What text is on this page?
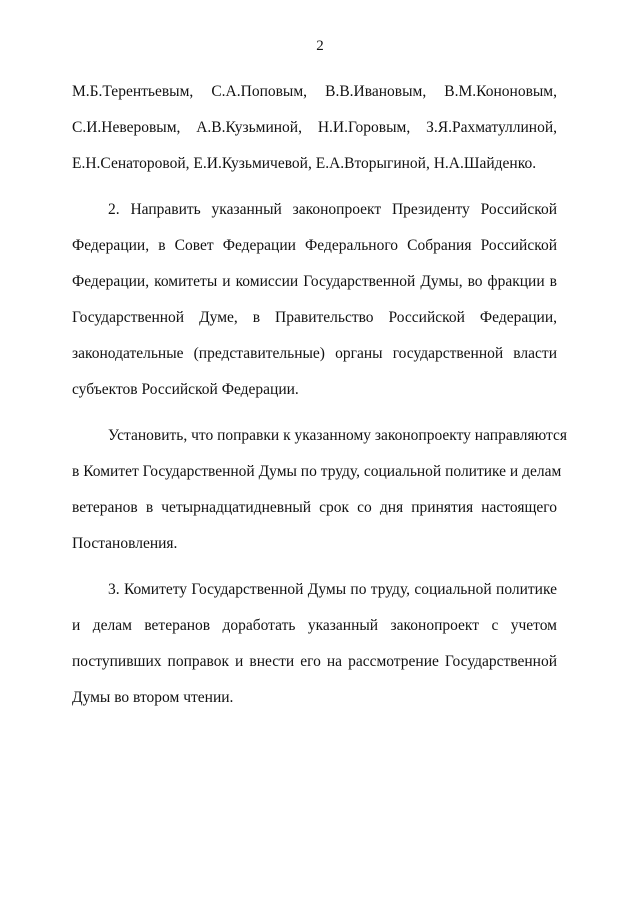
2
М.Б.Терентьевым, С.А.Поповым, В.В.Ивановым, В.М.Кононовым,
С.И.Неверовым, А.В.Кузьминой, Н.И.Горовым, З.Я.Рахматуллиной,
Е.Н.Сенаторовой, Е.И.Кузьмичевой, Е.А.Вторыгиной, Н.А.Шайденко.
2. Направить указанный законопроект Президенту Российской
Федерации, в Совет Федерации Федерального Собрания Российской
Федерации, комитеты и комиссии Государственной Думы, во фракции в
Государственной Думе, в Правительство Российской Федерации,
законодательные (представительные) органы государственной власти
субъектов Российской Федерации.
Установить, что поправки к указанному законопроекту направляются
в Комитет Государственной Думы по труду, социальной политике и делам
ветеранов в четырнадцатидневный срок со дня принятия настоящего
Постановления.
3. Комитету Государственной Думы по труду, социальной политике
и делам ветеранов доработать указанный законопроект с учетом
поступивших поправок и внести его на рассмотрение Государственной
Думы во втором чтении.
